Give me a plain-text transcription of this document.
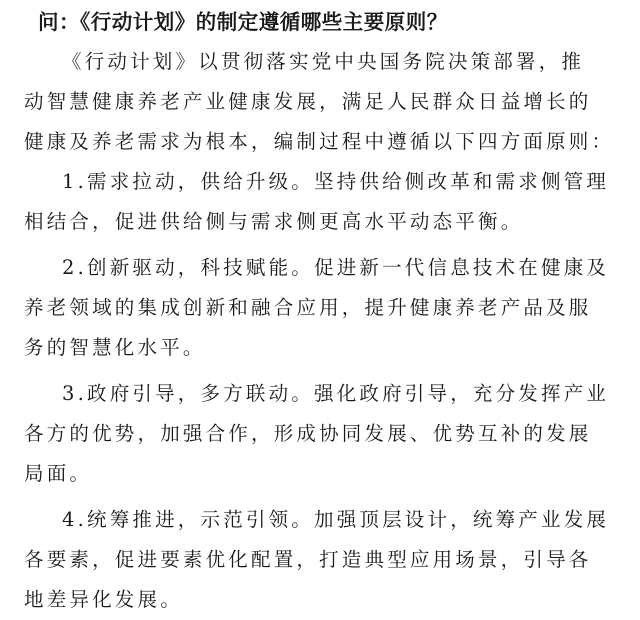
问：《行动计划》的制定遵循哪些主要原则？

《行动计划》以贯彻落实党中央国务院决策部署，推
动智慧健康养老产业健康发展，满足人民群众日益增长的
健康及养老需求为根本，编制过程中遵循以下四方面原则：

1.需求拉动，供给升级。坚持供给侧改革和需求侧管理
相结合，促进供给侧与需求侧更高水平动态平衡。

2.创新驱动，科技赋能。促进新一代信息技术在健康及
养老领域的集成创新和融合应用，提升健康养老产品及服
务的智慧化水平。

3.政府引导，多方联动。强化政府引导，充分发挥产业
各方的优势，加强合作，形成协同发展、优势互补的发展
局面。

4.统筹推进，示范引领。加强顶层设计，统筹产业发展
各要素，促进要素优化配置，打造典型应用场景，引导各
地差异化发展。
